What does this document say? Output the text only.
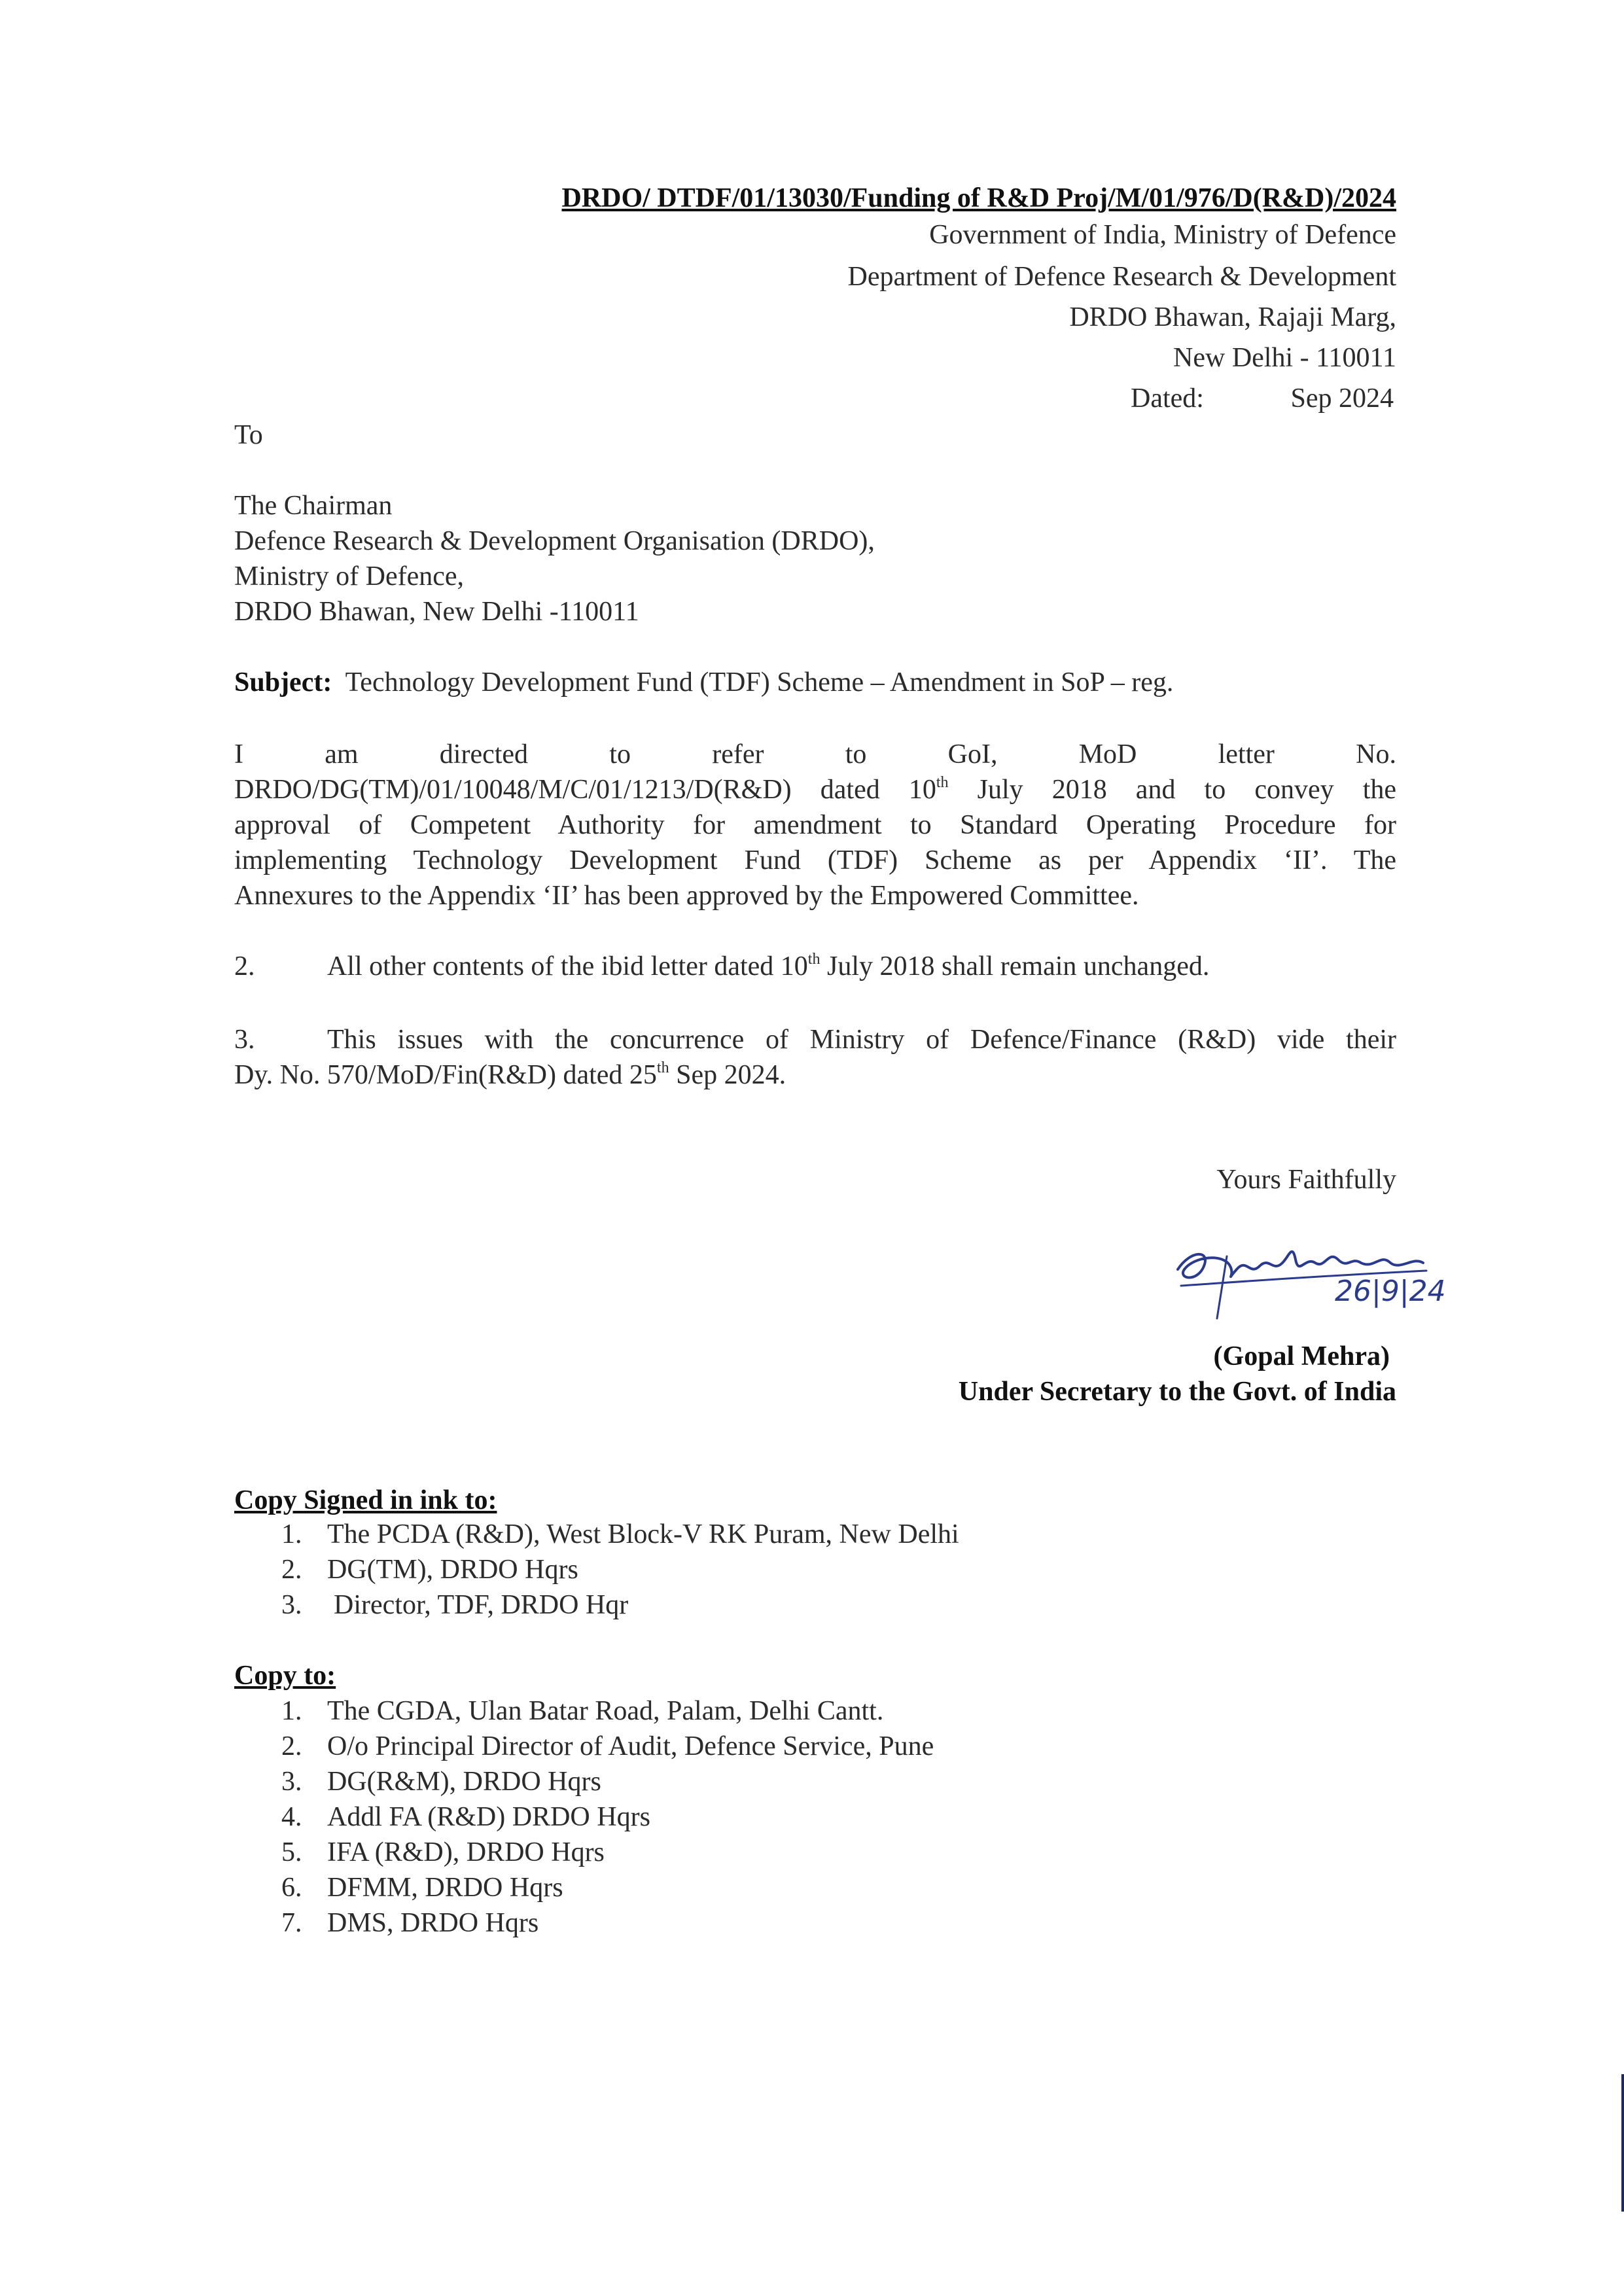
DRDO/ DTDF/01/13030/Funding of R&D Proj/M/01/976/D(R&D)/2024
Government of India, Ministry of Defence
Department of Defence Research & Development
DRDO Bhawan, Rajaji Marg,
New Delhi - 110011
Dated:	Sep 2024
To
The Chairman
Defence Research & Development Organisation (DRDO),
Ministry of Defence,
DRDO Bhawan, New Delhi -110011
Subject: Technology Development Fund (TDF) Scheme – Amendment in SoP – reg.
I am directed to refer to GoI, MoD letter No.
DRDO/DG(TM)/01/10048/M/C/01/1213/D(R&D) dated 10th July 2018 and to convey the
approval of Competent Authority for amendment to Standard Operating Procedure for
implementing Technology Development Fund (TDF) Scheme as per Appendix ‘II’. The
Annexures to the Appendix ‘II’ has been approved by the Empowered Committee.
2.	All other contents of the ibid letter dated 10th July 2018 shall remain unchanged.
3.	This issues with the concurrence of Ministry of Defence/Finance (R&D) vide their
Dy. No. 570/MoD/Fin(R&D) dated 25th Sep 2024.
Yours Faithfully
26|9|24
(Gopal Mehra)
Under Secretary to the Govt. of India
Copy Signed in ink to:
1. The PCDA (R&D), West Block-V RK Puram, New Delhi
2. DG(TM), DRDO Hqrs
3. Director, TDF, DRDO Hqr
Copy to:
1. The CGDA, Ulan Batar Road, Palam, Delhi Cantt.
2. O/o Principal Director of Audit, Defence Service, Pune
3. DG(R&M), DRDO Hqrs
4. Addl FA (R&D) DRDO Hqrs
5. IFA (R&D), DRDO Hqrs
6. DFMM, DRDO Hqrs
7. DMS, DRDO Hqrs
